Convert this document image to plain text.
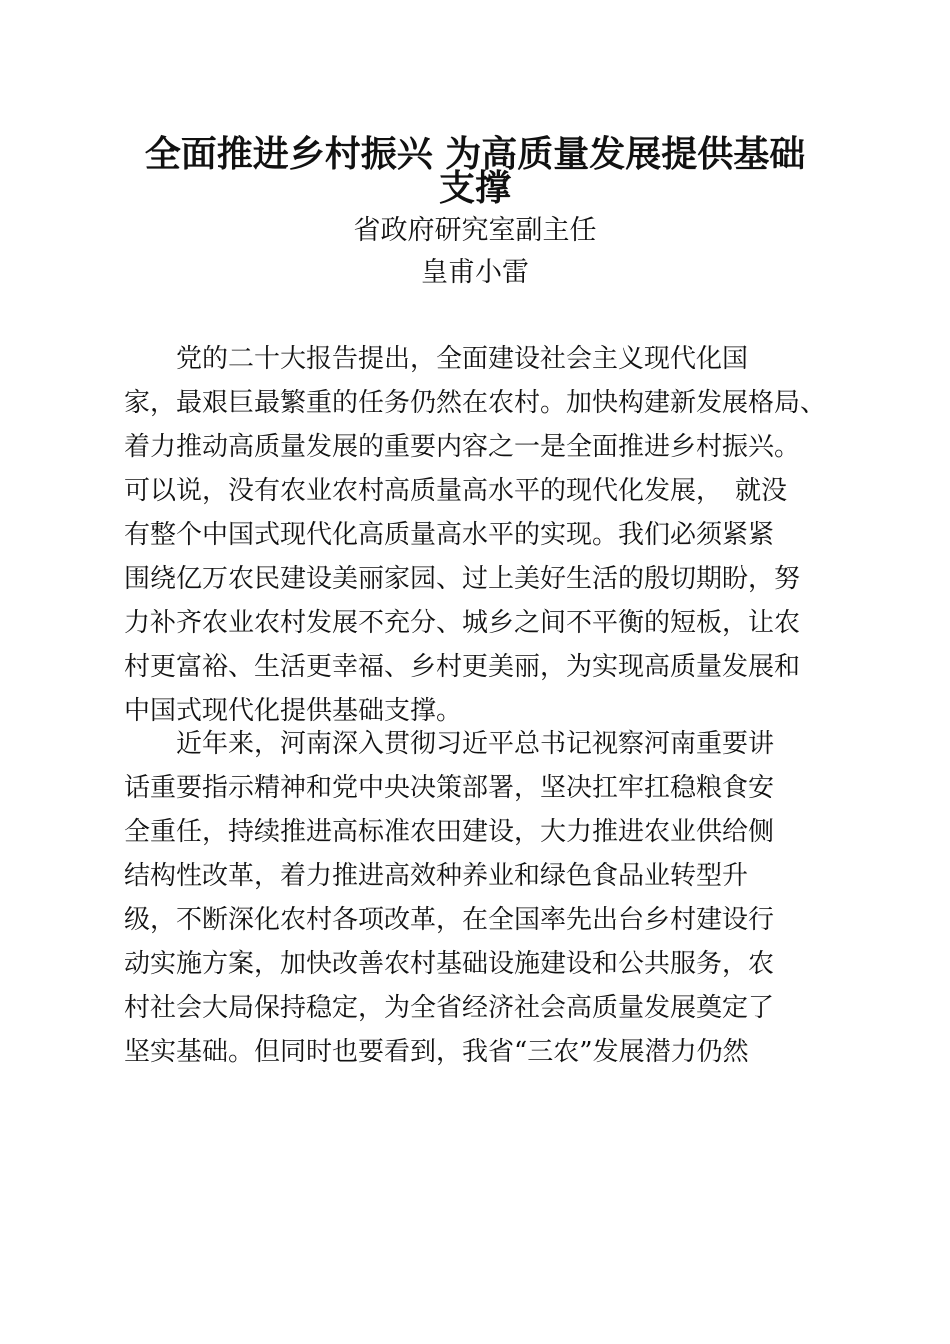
全面推进乡村振兴 为高质量发展提供基础
支撑
省政府研究室副主任
皇甫小雷
　　党的二十大报告提出，全面建设社会主义现代化国
家，最艰巨最繁重的任务仍然在农村。加快构建新发展格局、
着力推动高质量发展的重要内容之一是全面推进乡村振兴。
可以说，没有农业农村高质量高水平的现代化发展，　就没
有整个中国式现代化高质量高水平的实现。我们必须紧紧
围绕亿万农民建设美丽家园、过上美好生活的殷切期盼，努
力补齐农业农村发展不充分、城乡之间不平衡的短板，让农
村更富裕、生活更幸福、乡村更美丽，为实现高质量发展和
中国式现代化提供基础支撑。
　　近年来，河南深入贯彻习近平总书记视察河南重要讲
话重要指示精神和党中央决策部署，坚决扛牢扛稳粮食安
全重任，持续推进高标准农田建设，大力推进农业供给侧
结构性改革，着力推进高效种养业和绿色食品业转型升
级，不断深化农村各项改革，在全国率先出台乡村建设行
动实施方案，加快改善农村基础设施建设和公共服务，农
村社会大局保持稳定，为全省经济社会高质量发展奠定了
坚实基础。但同时也要看到，我省“三农”发展潜力仍然
